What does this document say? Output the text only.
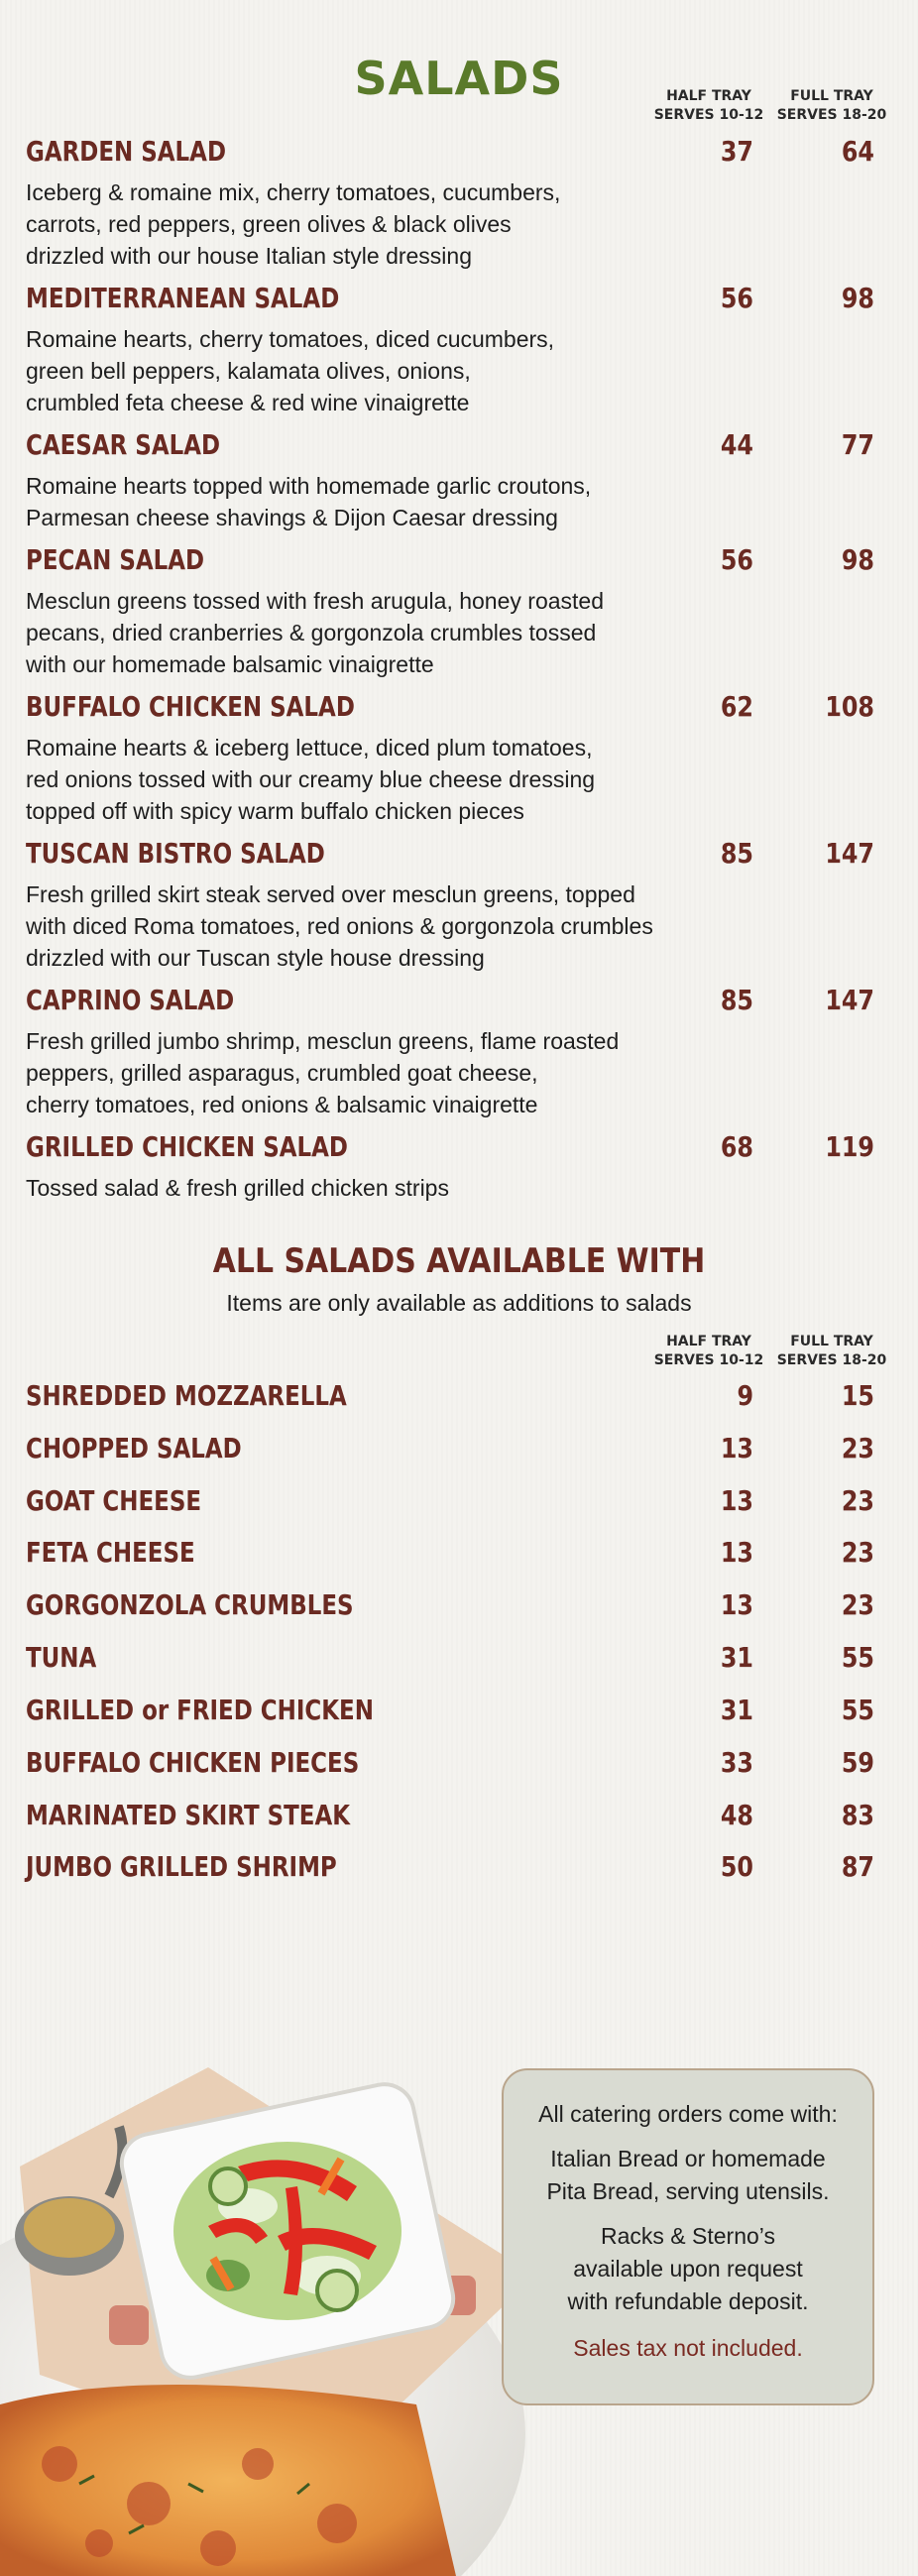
SALADS	HALF TRAY
SERVES 10-12
FULL TRAY
SERVES 18-20
GARDEN SALAD	37	64
Iceberg & romaine mix, cherry tomatoes, cucumbers,
carrots, red peppers, green olives & black olives
drizzled with our house Italian style dressing
MEDITERRANEAN SALAD	56	98
Romaine hearts, cherry tomatoes, diced cucumbers,
green bell peppers, kalamata olives, onions,
crumbled feta cheese & red wine vinaigrette
CAESAR SALAD	44	77
Romaine hearts topped with homemade garlic croutons,
Parmesan cheese shavings & Dijon Caesar dressing
PECAN SALAD	56	98
Mesclun greens tossed with fresh arugula, honey roasted
pecans, dried cranberries & gorgonzola crumbles tossed
with our homemade balsamic vinaigrette
BUFFALO CHICKEN SALAD	62	108
Romaine hearts & iceberg lettuce, diced plum tomatoes,
red onions tossed with our creamy blue cheese dressing
topped off with spicy warm buffalo chicken pieces
TUSCAN BISTRO SALAD	85	147
Fresh grilled skirt steak served over mesclun greens, topped
with diced Roma tomatoes, red onions & gorgonzola crumbles
drizzled with our Tuscan style house dressing
CAPRINO SALAD	85	147
Fresh grilled jumbo shrimp, mesclun greens, flame roasted
peppers, grilled asparagus, crumbled goat cheese,
cherry tomatoes, red onions & balsamic vinaigrette
GRILLED CHICKEN SALAD	68	119
Tossed salad & fresh grilled chicken strips
ALL SALADS AVAILABLE WITH
Items are only available as additions to salads
HALF TRAY
SERVES 10-12
FULL TRAY
SERVES 18-20
SHREDDED MOZZARELLA	9	15
CHOPPED SALAD	13	23
GOAT CHEESE	13	23
FETA CHEESE	13	23
GORGONZOLA CRUMBLES	13	23
TUNA	31	55
GRILLED or FRIED CHICKEN	31	55
BUFFALO CHICKEN PIECES	33	59
MARINATED SKIRT STEAK	48	83
JUMBO GRILLED SHRIMP	50	87

All catering orders come with:

Italian Bread or homemade

Pita Bread, serving utensils.

Racks & Sterno’s

available upon request

with refundable deposit.

Sales tax not included.
